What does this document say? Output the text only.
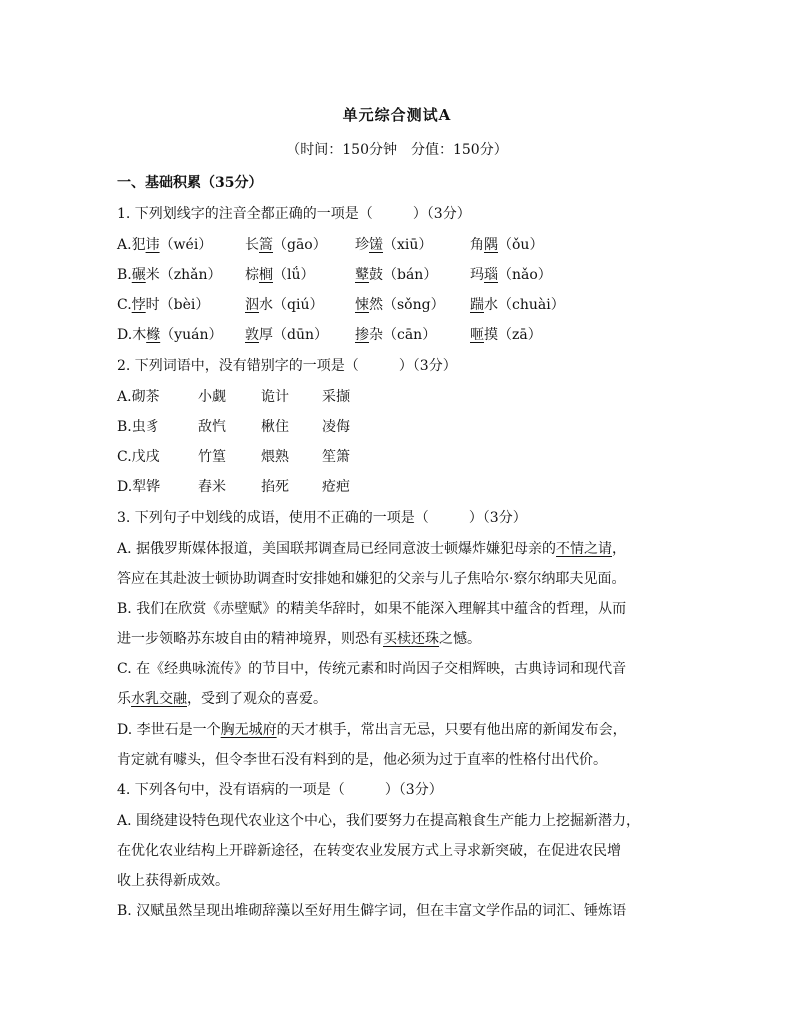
单元综合测试A
（时间：150分钟　分值：150分）
一、基础积累（35分）
1. 下列划线字的注音全都正确的一项是（	）（3分）
A.犯讳（wéi） 长篙（gāo） 珍馐（xiū）	角隅（ǒu）
B.碾米（zhǎn） 棕榈（lǘ）	鼙鼓（bán） 玛瑙（nǎo）
C.悖时（bèi）	泅水（qiú） 悚然（sǒng） 踹水（chuài）
D.木橼（yuán） 敦厚（dūn） 掺杂（cān） 咂摸（zā）
2. 下列词语中，没有错别字的一项是（	）（3分）
A.砌茶	小觑	诡计 采撷
B.虫豸	敌忾	楸住 凌侮
C.戊戌	竹篁	煨熟 笙箫
D.犁铧	舂米	掐死 疮疤
3. 下列句子中划线的成语，使用不正确的一项是（	）（3分）
A. 据俄罗斯媒体报道，美国联邦调查局已经同意波士顿爆炸嫌犯母亲的不情之请，
答应在其赴波士顿协助调查时安排她和嫌犯的父亲与儿子焦哈尔·察尔纳耶夫见面。
B. 我们在欣赏《赤壁赋》的精美华辞时，如果不能深入理解其中蕴含的哲理，从而
进一步领略苏东坡自由的精神境界，则恐有买椟还珠之憾。
C. 在《经典咏流传》的节目中，传统元素和时尚因子交相辉映，古典诗词和现代音
乐水乳交融，受到了观众的喜爱。
D. 李世石是一个胸无城府的天才棋手，常出言无忌，只要有他出席的新闻发布会，
肯定就有噱头，但令李世石没有料到的是，他必须为过于直率的性格付出代价。
4. 下列各句中，没有语病的一项是（	）（3分）
A. 围绕建设特色现代农业这个中心，我们要努力在提高粮食生产能力上挖掘新潜力，
在优化农业结构上开辟新途径，在转变农业发展方式上寻求新突破，在促进农民增
收上获得新成效。
B. 汉赋虽然呈现出堆砌辞藻以至好用生僻字词，但在丰富文学作品的词汇、锤炼语
